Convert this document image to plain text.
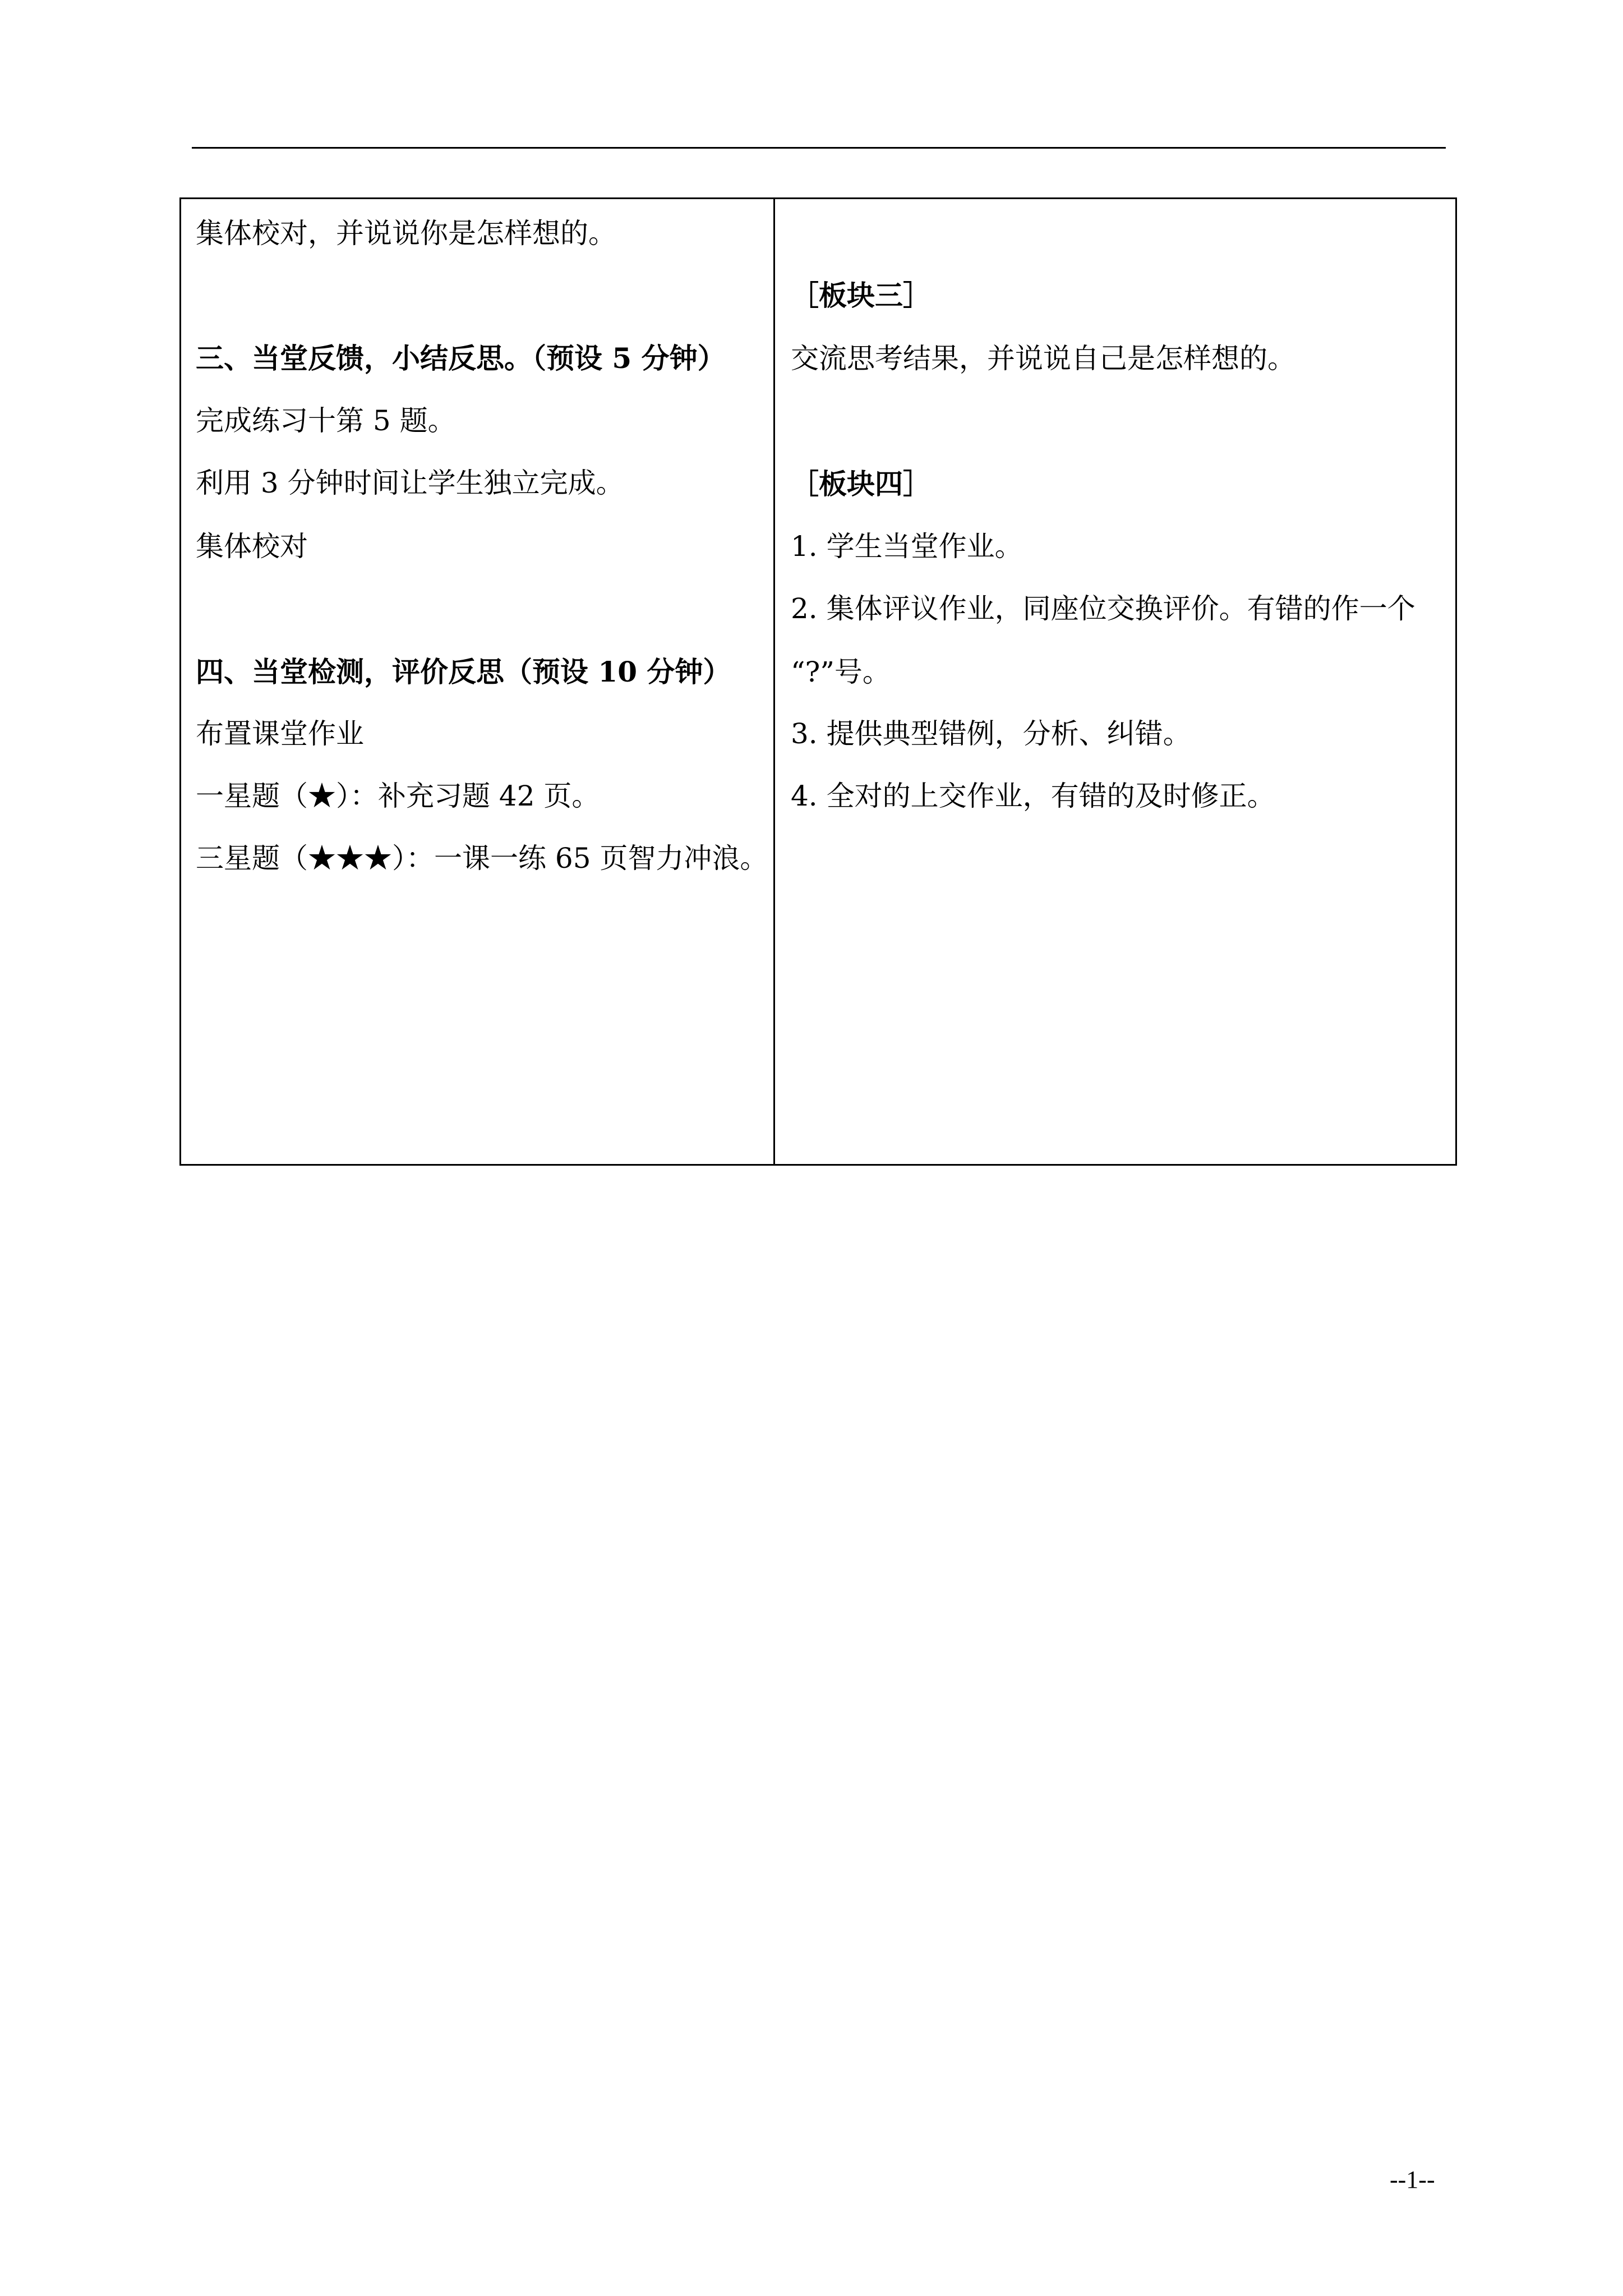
集体校对，并说说你是怎样想的。
三、当堂反馈，小结反思。（预设 5 分钟）
完成练习十第 5 题。
利用 3 分钟时间让学生独立完成。
集体校对
四、当堂检测，评价反思（预设 10 分钟）
布置课堂作业
一星题（★）：补充习题 42 页。
三星题（★★★）：一课一练 65 页智力冲浪。
［板块三］
交流思考结果，并说说自己是怎样想的。
［板块四］
1. 学生当堂作业。
2. 集体评议作业，同座位交换评价。有错的作一个
“?”号。
3. 提供典型错例，分析、纠错。
4. 全对的上交作业，有错的及时修正。
--1--
